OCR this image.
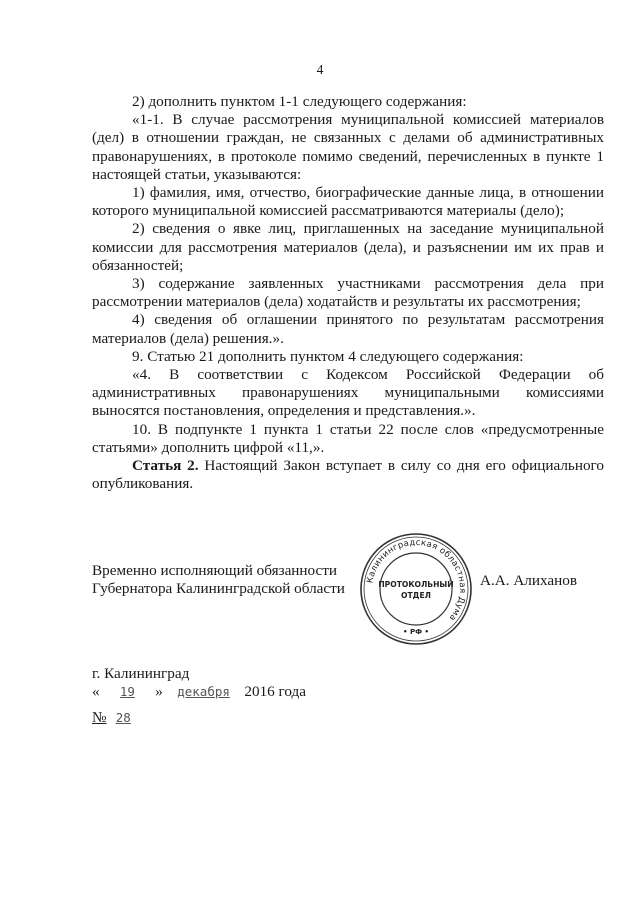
4

2) дополнить пунктом 1-1 следующего содержания:

«1-1. В случае рассмотрения муниципальной комиссией материалов (дел) в отношении граждан, не связанных с делами об административных правонарушениях, в протоколе помимо сведений, перечисленных в пункте 1 настоящей статьи, указываются:

1) фамилия, имя, отчество, биографические данные лица, в отношении которого муниципальной комиссией рассматриваются материалы (дело);

2) сведения о явке лиц, приглашенных на заседание муниципальной комиссии для рассмотрения материалов (дела), и разъяснении им их прав и обязанностей;

3) содержание заявленных участниками рассмотрения дела при рассмотрении материалов (дела) ходатайств и результаты их рассмотрения;

4) сведения об оглашении принятого по результатам рассмотрения материалов (дела) решения.».

9. Статью 21 дополнить пунктом 4 следующего содержания:

«4. В соответствии с Кодексом Российской Федерации об административных правонарушениях муниципальными комиссиями выносятся постановления, определения и представления.».

10. В подпункте 1 пункта 1 статьи 22 после слов «предусмотренные статьями» дополнить цифрой «11,».

Статья 2. Настоящий Закон вступает в силу со дня его официального опубликования.

Временно исполняющий обязанности
Губернатора Калининградской области
Калининградская областная Дума
ПРОТОКОЛЬНЫЙ
ОТДЕЛ
• РФ •
А.А. Алиханов
г. Калининград
« 19 » декабря 2016 года
№ 28
